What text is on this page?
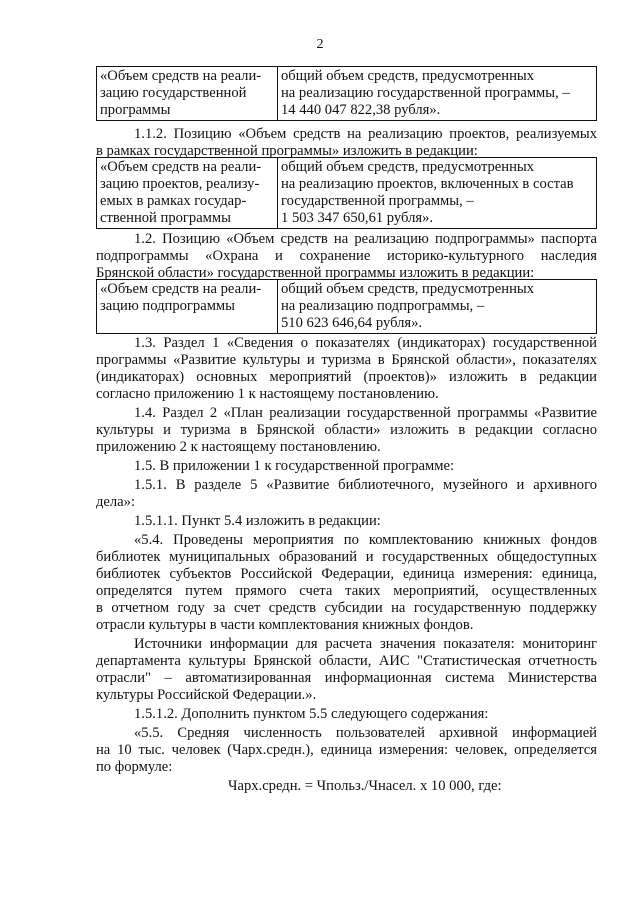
2
«Объем средств на реали-
зацию государственной
программы	общий объем средств, предусмотренных
на реализацию государственной программы, –
14 440 047 822,38 рубля».
1.1.2. Позицию «Объем средств на реализацию проектов, реализуемых
в рамках государственной программы» изложить в редакции:
«Объем средств на реали-
зацию проектов, реализу-
емых в рамках государ-
ственной программы	общий объем средств, предусмотренных
на реализацию проектов, включенных в состав
государственной программы, –
1 503 347 650,61 рубля».
1.2. Позицию «Объем средств на реализацию подпрограммы» паспорта
подпрограммы «Охрана и сохранение историко-культурного наследия
Брянской области» государственной программы изложить в редакции:
«Объем средств на реали-
зацию подпрограммы	общий объем средств, предусмотренных
на реализацию подпрограммы, –
510 623 646,64 рубля».
1.3. Раздел 1 «Сведения о показателях (индикаторах) государственной
программы «Развитие культуры и туризма в Брянской области», показателях
(индикаторах) основных мероприятий (проектов)» изложить в редакции
согласно приложению 1 к настоящему постановлению.
1.4. Раздел 2 «План реализации государственной программы «Развитие
культуры и туризма в Брянской области» изложить в редакции согласно
приложению 2 к настоящему постановлению.
1.5. В приложении 1 к государственной программе:
1.5.1. В разделе 5 «Развитие библиотечного, музейного и архивного
дела»:
1.5.1.1. Пункт 5.4 изложить в редакции:
«5.4. Проведены мероприятия по комплектованию книжных фондов
библиотек муниципальных образований и государственных общедоступных
библиотек субъектов Российской Федерации, единица измерения: единица,
определятся путем прямого счета таких мероприятий, осуществленных
в отчетном году за счет средств субсидии на государственную поддержку
отрасли культуры в части комплектования книжных фондов.
Источники информации для расчета значения показателя: мониторинг
департамента культуры Брянской области, АИС "Статистическая отчетность
отрасли" – автоматизированная информационная система Министерства
культуры Российской Федерации.».
1.5.1.2. Дополнить пунктом 5.5 следующего содержания:
«5.5. Средняя численность пользователей архивной информацией
на 10 тыс. человек (Чарх.средн.), единица измерения: человек, определяется
по формуле:
Чарх.средн. = Чпольз./Чнасел. х 10 000, где:
